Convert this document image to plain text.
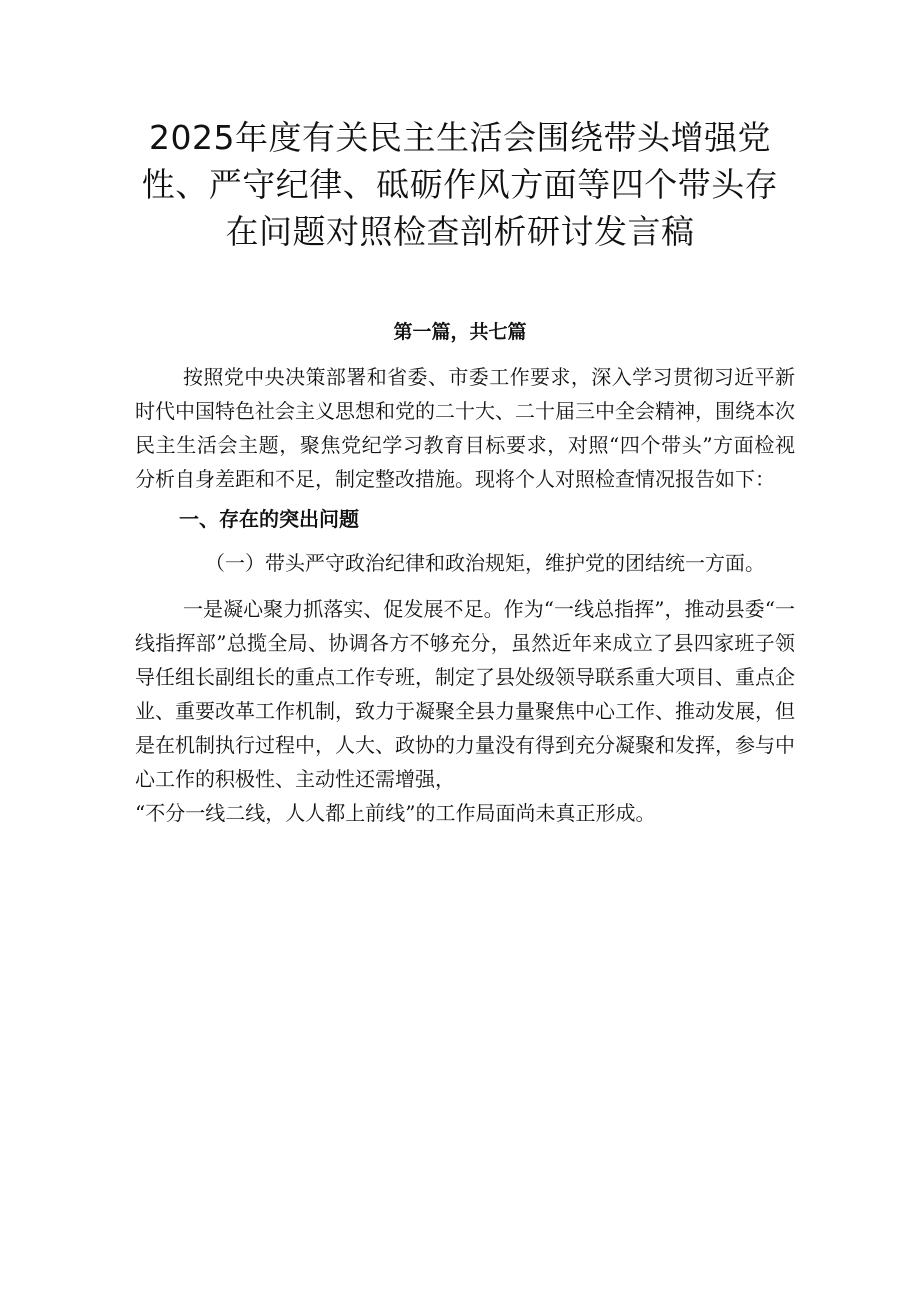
2025年度有关民主生活会围绕带头增强党
性、严守纪律、砥砺作风方面等四个带头存
在问题对照检查剖析研讨发言稿
第一篇，共七篇

按照党中央决策部署和省委、市委工作要求，深入学习贯彻习近平新时代中国特色社会主义思想和党的二十大、二十届三中全会精神，围绕本次民主生活会主题，聚焦党纪学习教育目标要求，对照“四个带头”方面检视分析自身差距和不足，制定整改措施。现将个人对照检查情况报告如下：

一、存在的突出问题

（一）带头严守政治纪律和政治规矩，维护党的团结统一方面。

一是凝心聚力抓落实、促发展不足。作为“一线总指挥”，推动县委“一线指挥部”总揽全局、协调各方不够充分，虽然近年来成立了县四家班子领导任组长副组长的重点工作专班，制定了县处级领导联系重大项目、重点企业、重要改革工作机制，致力于凝聚全县力量聚焦中心工作、推动发展，但是在机制执行过程中，人大、政协的力量没有得到充分凝聚和发挥，参与中心工作的积极性、主动性还需增强，

“不分一线二线，人人都上前线”的工作局面尚未真正形成。
